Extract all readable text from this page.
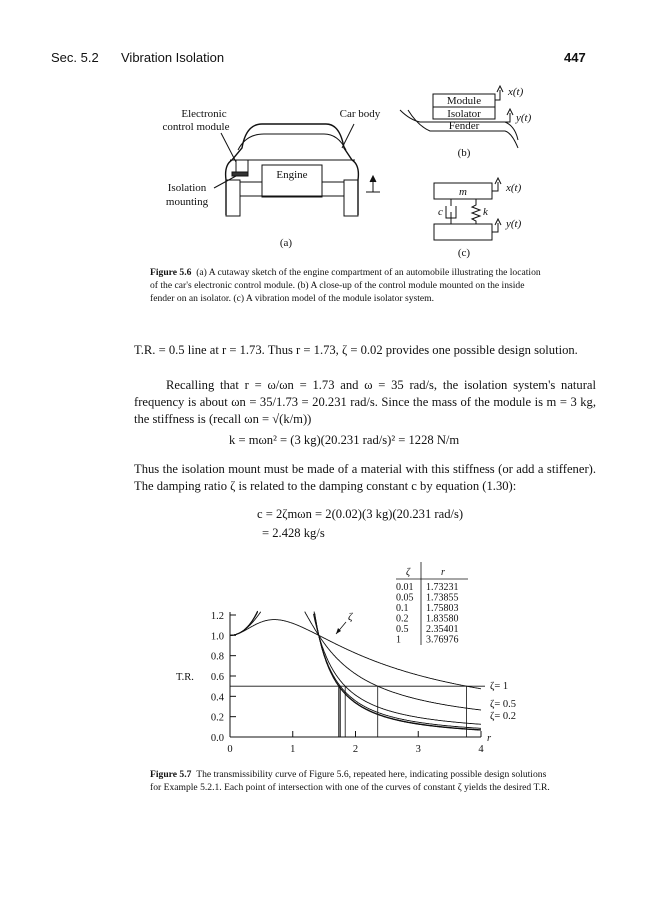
Sec. 5.2 Vibration Isolation	447
Electronic
control module
Car body
Engine
Isolation
mounting
(a)
Module
Isolator
Fender
x(t)
y(t)
(b)
m
c	k
x(t)
y(t)
(c)
Figure 5.6 (a) A cutaway sketch of the engine compartment of an automobile illustrating the location of the car's electronic control module. (b) A close-up of the control module mounted on the inside fender on an isolator. (c) A vibration model of the module isolator system.
T.R. = 0.5 line at r = 1.73. Thus r = 1.73, ζ = 0.02 provides one possible design solution.
Recalling that r = ω/ωn = 1.73 and ω = 35 rad/s, the isolation system's natural frequency is about ωn = 35/1.73 = 20.231 rad/s. Since the mass of the module is m = 3 kg, the stiffness is (recall ωn = √(k/m))
k = mωn² = (3 kg)(20.231 rad/s)² = 1228 N/m
Thus the isolation mount must be made of a material with this stiffness (or add a stiffener). The damping ratio ζ is related to the damping constant c by equation (1.30):
c = 2ζmωn = 2(0.02)(3 kg)(20.231 rad/s)
= 2.428 kg/s
0.0
0.2
0.4
0.6
0.8
1.0
1.2
0	1	2	3	4
T.R.
r
ζ
ζ= 1
ζ= 0.5
ζ= 0.2
ζ	r
0.01 1.73231
0.05 1.73855
0.1 1.75803
0.2 1.83580
0.5 2.35401
1	3.76976
Figure 5.7 The transmissibility curve of Figure 5.6, repeated here, indicating possible design solutions for Example 5.2.1. Each point of intersection with one of the curves of constant ζ yields the desired T.R.
